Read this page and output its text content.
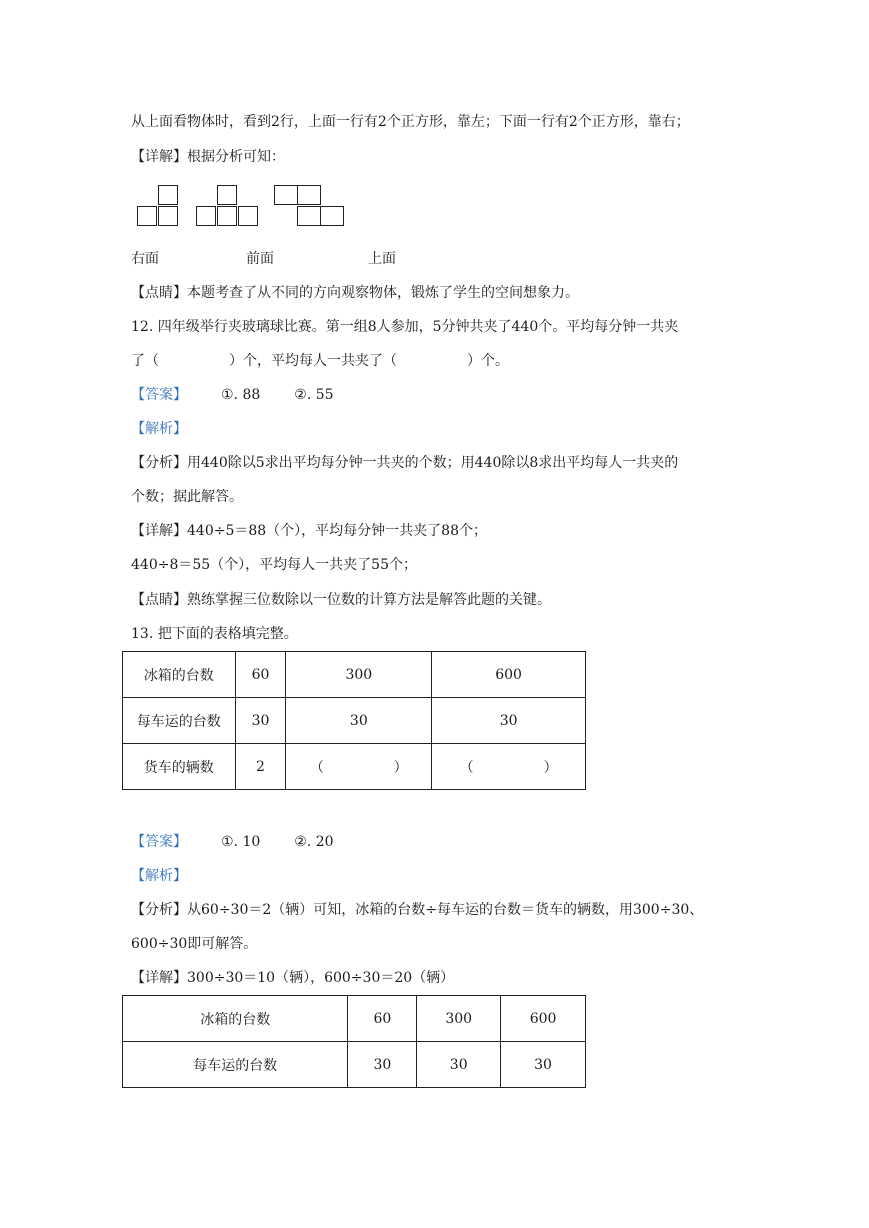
从上面看物体时，看到2行，上面一行有2个正方形，靠左；下面一行有2个正方形，靠右；
【详解】根据分析可知：
右面	前面	上面
【点睛】本题考查了从不同的方向观察物体，锻炼了学生的空间想象力。
12. 四年级举行夹玻璃球比赛。第一组8人参加，5分钟共夹了440个。平均每分钟一共夹
了（	）个，平均每人一共夹了（	）个。
【答案】 ①. 88 ②. 55
【解析】
【分析】用440除以5求出平均每分钟一共夹的个数；用440除以8求出平均每人一共夹的
个数；据此解答。
【详解】440÷5＝88（个），平均每分钟一共夹了88个；
440÷8＝55（个），平均每人一共夹了55个；
【点睛】熟练掌握三位数除以一位数的计算方法是解答此题的关键。
13. 把下面的表格填完整。
冰箱的台数	60	300	600
每车运的台数	30	30	30
货车的辆数	2	（　　　　　）	（　　　　　）
【答案】 ①. 10 ②. 20
【解析】
【分析】从60÷30＝2（辆）可知，冰箱的台数÷每车运的台数＝货车的辆数，用300÷30、
600÷30即可解答。
【详解】300÷30＝10（辆），600÷30＝20（辆）
冰箱的台数	60	300	600
每车运的台数	30	30	30
